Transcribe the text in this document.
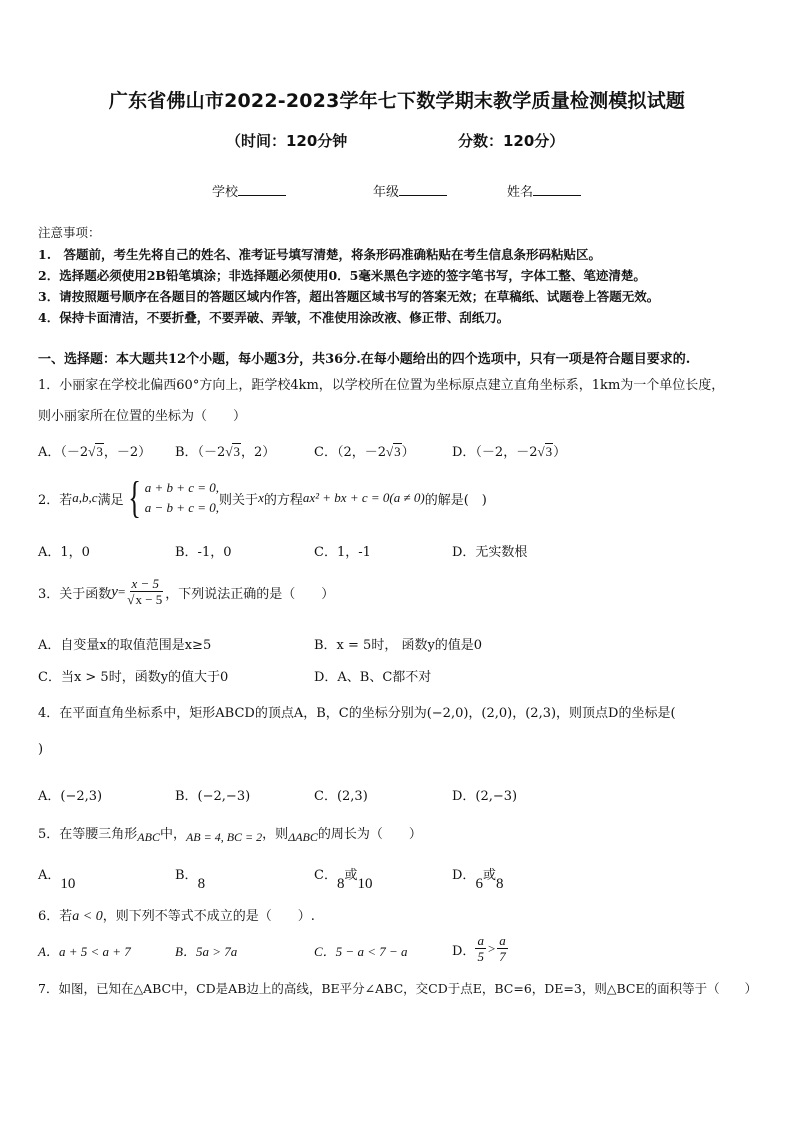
广东省佛山市2022-2023学年七下数学期末教学质量检测模拟试题
（时间：120分钟	分数：120分）
学校	年级	姓名
注意事项：
1.　答题前，考生先将自己的姓名、准考证号填写清楚，将条形码准确粘贴在考生信息条形码粘贴区。
2．选择题必须使用2B铅笔填涂；非选择题必须使用0．5毫米黑色字迹的签字笔书写，字体工整、笔迹清楚。
3．请按照题号顺序在各题目的答题区域内作答，超出答题区域书写的答案无效；在草稿纸、试题卷上答题无效。
4．保持卡面清洁，不要折叠，不要弄破、弄皱，不准使用涂改液、修正带、刮纸刀。
一、选择题：本大题共12个小题，每小题3分，共36分.在每小题给出的四个选项中，只有一项是符合题目要求的.
1．小丽家在学校北偏西60°方向上，距学校4km，以学校所在位置为坐标原点建立直角坐标系，1km为一个单位长度，
则小丽家所在位置的坐标为（　　）
A．（－2√3，－2） B．（－2√3，2）	C．（2，－2√3）	D．（－2，－2√3）
2．若 a,b,c 满足 { a + b + c = 0,
a − b + c = 0, 则关于 x 的方程 ax² + bx + c = 0(a ≠ 0) 的解是(　)
A．1，0	B．-1，0	C．1，-1	D．无实数根
3．关于函数 $y = \frac{x - 5}{√x - 5}$ ，下列说法正确的是（　　）
A．自变量x的取值范围是x≥5	B．x = 5时， 函数y的值是0
C．当x > 5时，函数y的值大于0	D．A、B、C都不对
4．在平面直角坐标系中，矩形ABCD的顶点A，B，C的坐标分别为(−2,0)，(2,0)，(2,3)，则顶点D的坐标是(
)
A．(−2,3)	B．(−2,−3)	C．(2,3)	D．(2,−3)
5．在等腰三角形ABC中，AB = 4, BC = 2，则ΔABC的周长为（　　）
A．10
B．8
C．8或10
D．6或8
6．若a < 0，则下列不等式不成立的是（　　）.
A．a + 5 < a + 7	B．5a > 7a	C．5 − a < 7 − a	D． $\frac{a}{5} > \frac{a}{7}$
7．如图，已知在△ABC中，CD是AB边上的高线，BE平分∠ABC，交CD于点E，BC=6，DE=3，则△BCE的面积等于（　　）
